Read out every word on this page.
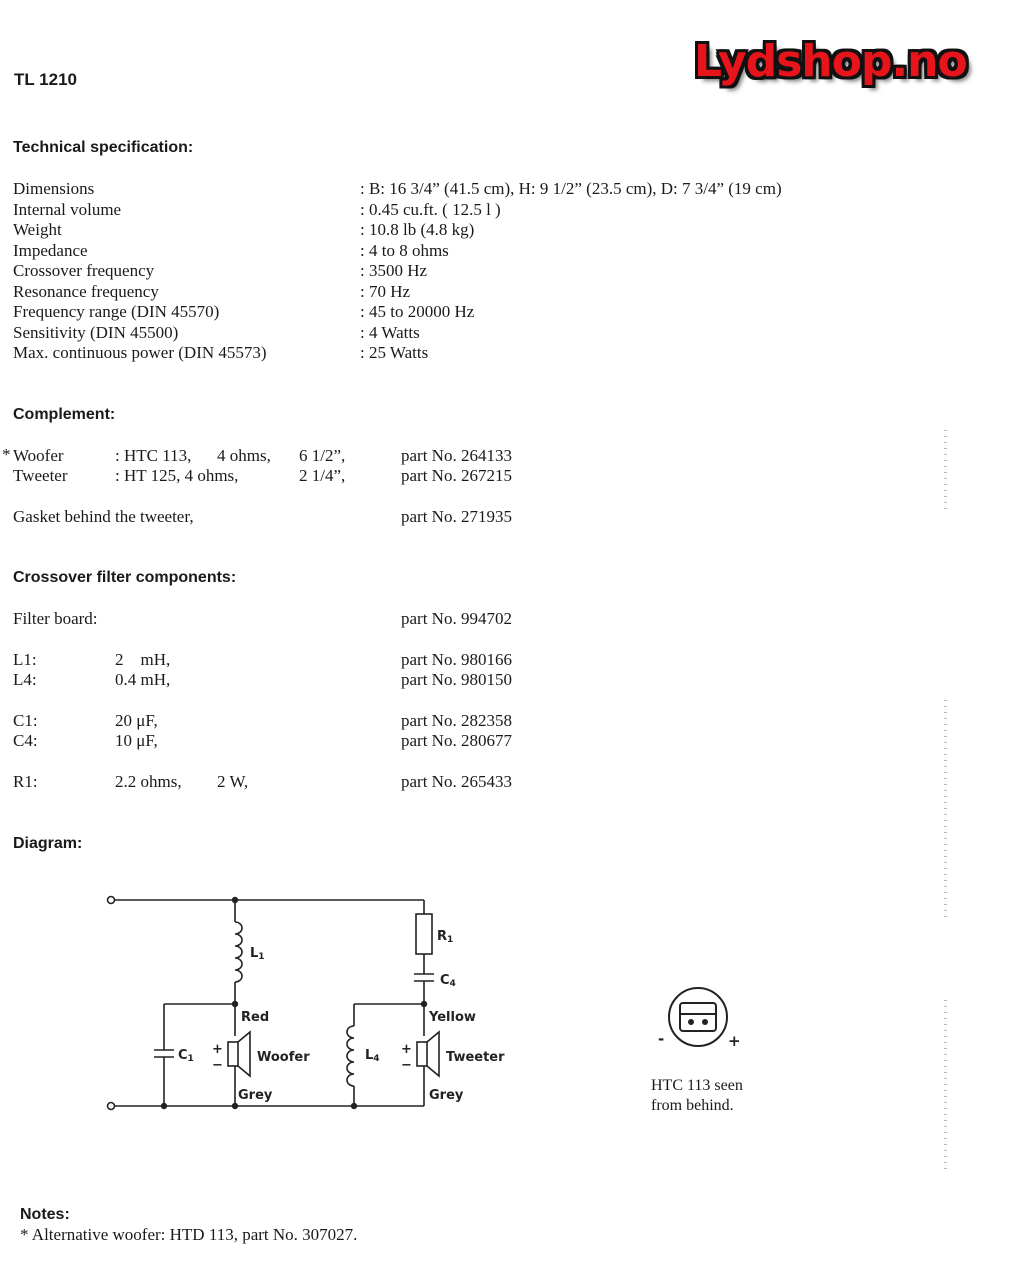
TL 1210	Lydshop.no
Technical specification:
Dimensions	: B: 16 3/4” (41.5 cm), H: 9 1/2” (23.5 cm), D: 7 3/4” (19 cm)
Internal volume	: 0.45 cu.ft. ( 12.5 l )
Weight	: 10.8 lb (4.8 kg)
Impedance	: 4 to 8 ohms
Crossover frequency	: 3500 Hz
Resonance frequency	: 70 Hz
Frequency range (DIN 45570)	: 45 to 20000 Hz
Sensitivity (DIN 45500)	: 4 Watts
Max. continuous power (DIN 45573)	: 25 Watts
Complement:
* Woofer	: HTC 113, 4 ohms, 6 1/2”,	part No. 264133
Tweeter	: HT 125, 4 ohms,	2 1/4”,	part No. 267215
Gasket behind the tweeter,	part No. 271935
Crossover filter components:
Filter board:	part No. 994702
L1:	2    mH,	part No. 980166
L4:	0.4 mH,	part No. 980150
C1:	20 μF,	part No. 282358
C4:	10 μF,	part No. 280677
R1:	2.2 ohms, 2 W,	part No. 265433
Diagram:
L1
R1
C4
C1	L4
Red	Yellow
Woofer	Tweeter
Grey	Grey
+
−
+
−
-	+
HTC 113 seen
from behind.
Notes:
* Alternative woofer: HTD 113, part No. 307027.
